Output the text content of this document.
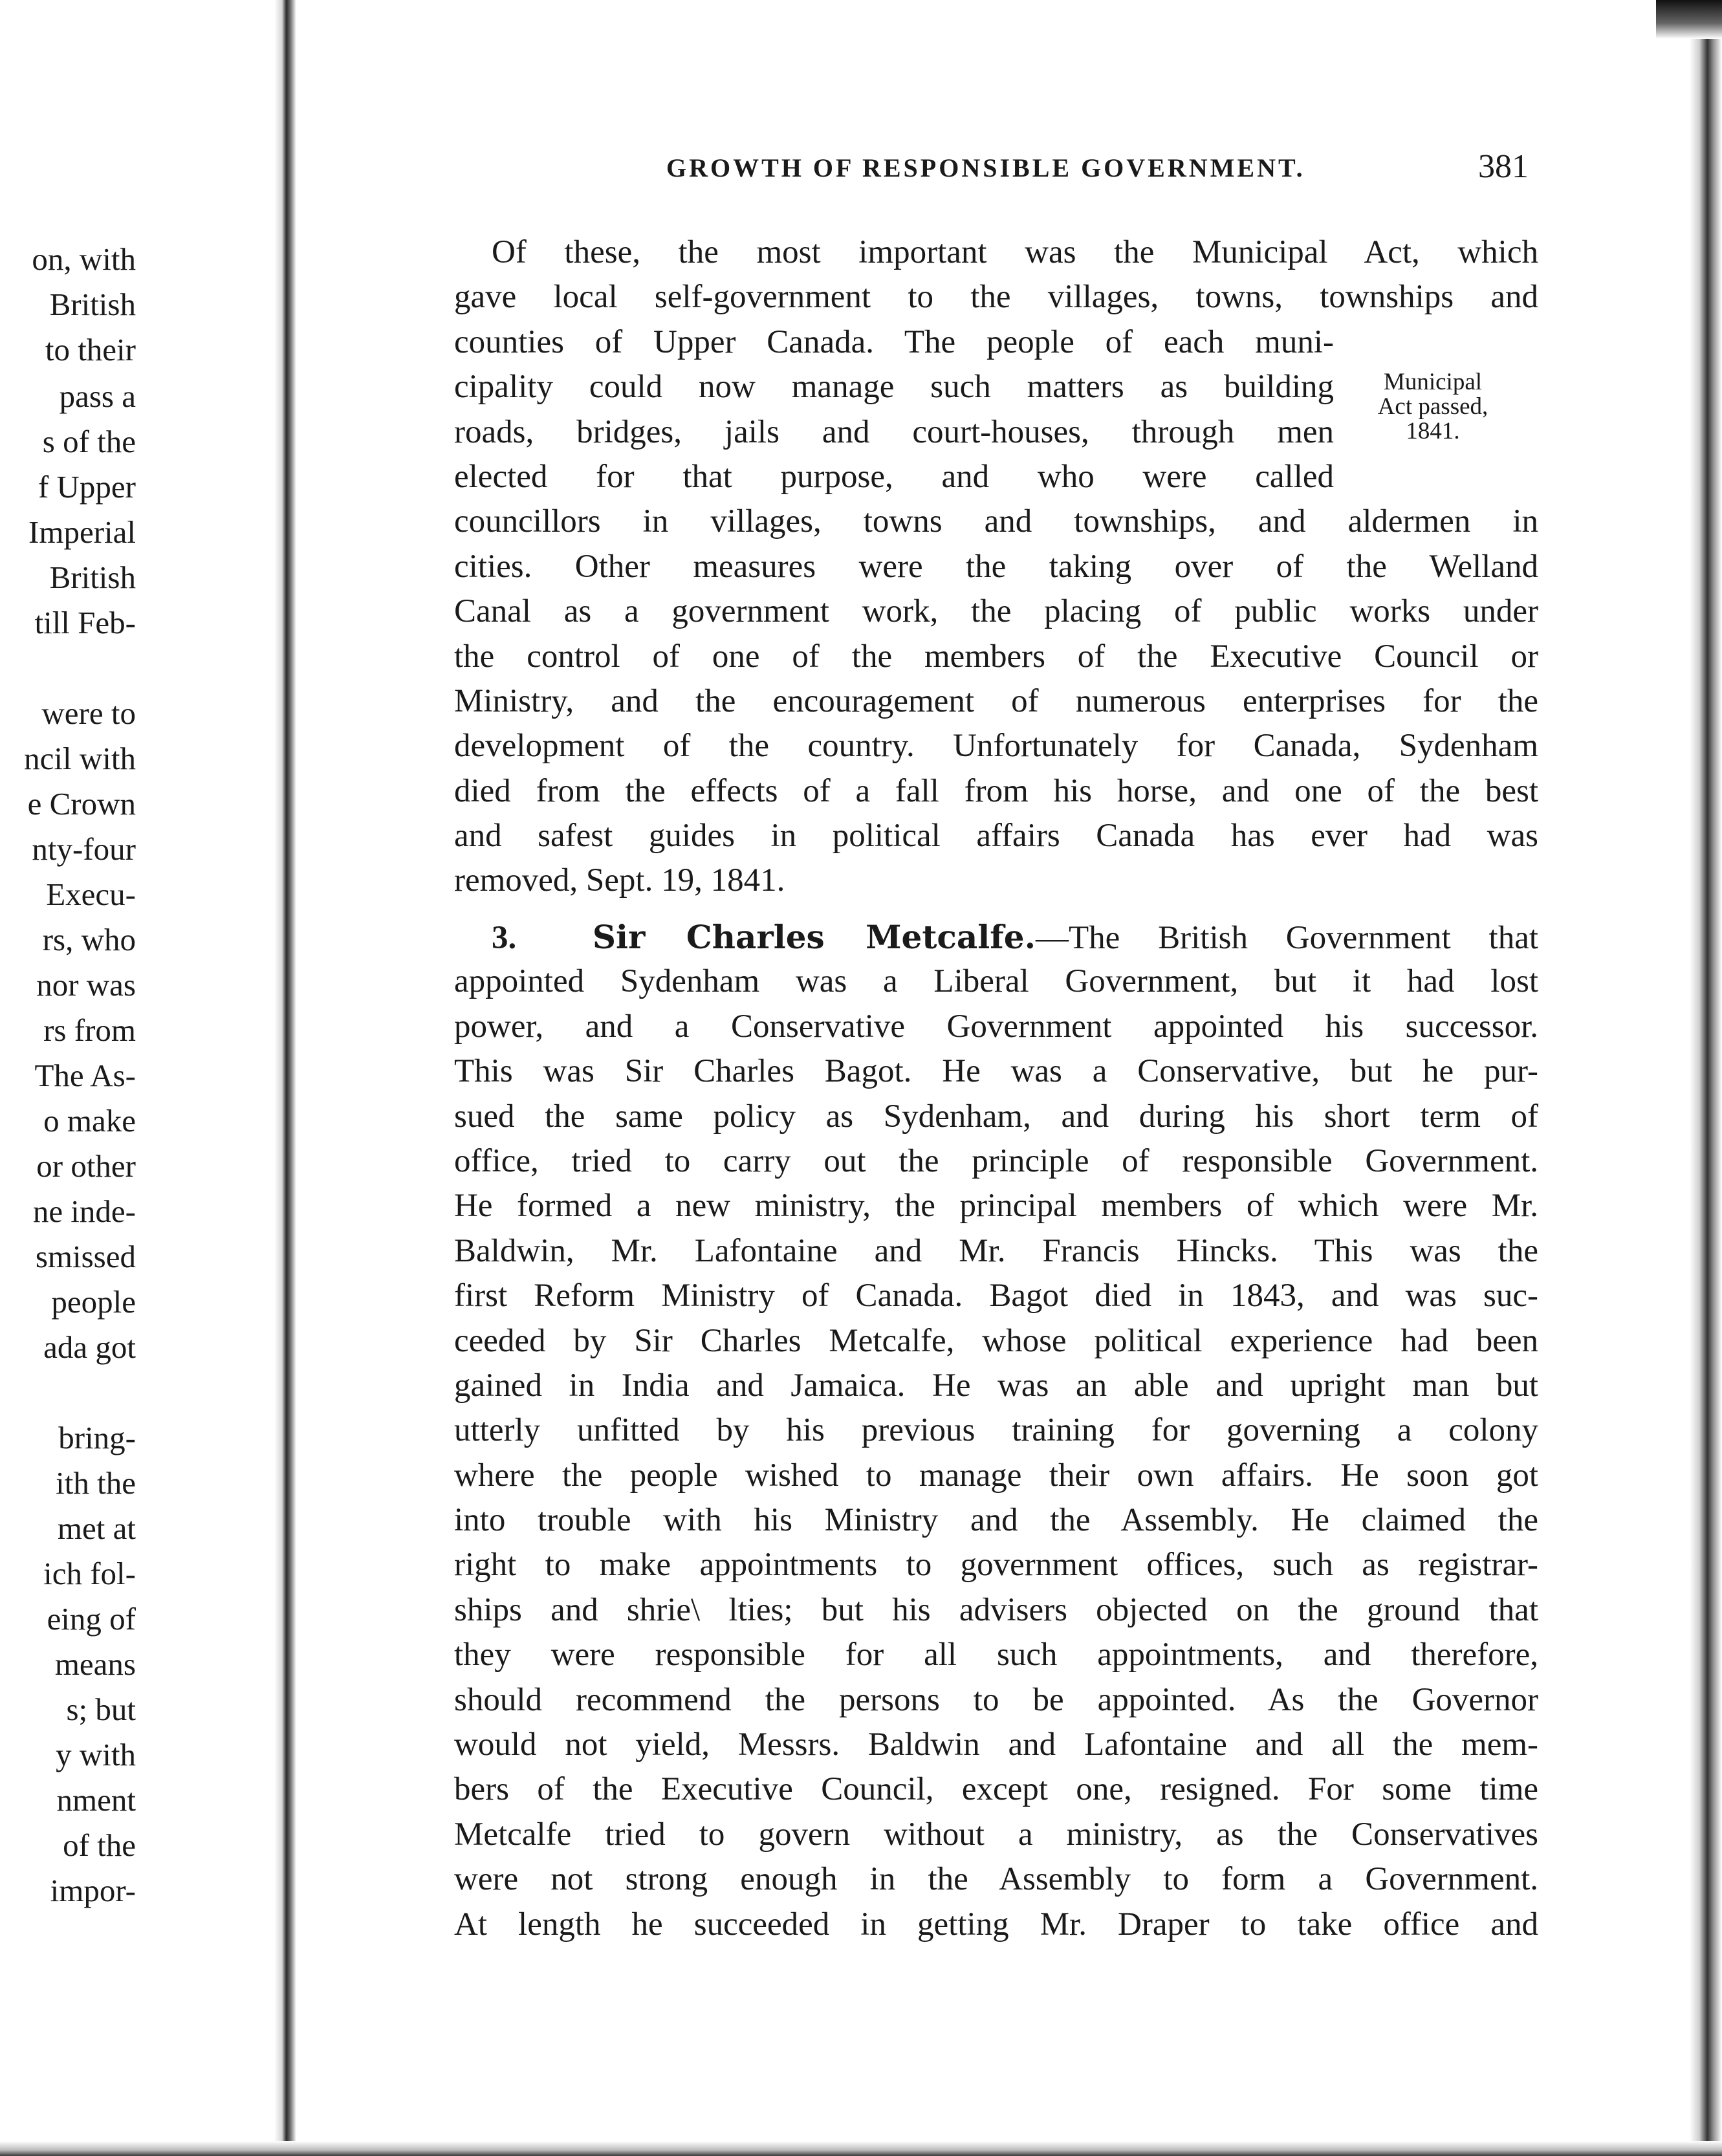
on, with
British
to their
pass a
s of the
f Upper
Imperial
British
till Feb-
were to
ncil with
e Crown
nty-four
Execu-
rs, who
nor was
rs from
The As-
o make
or other
ne inde-
smissed
people
ada got
bring-
ith the
met at
ich fol-
eing of
means
s; but
y with
nment
of the
impor-
GROWTH OF RESPONSIBLE GOVERNMENT.	381
Municipal
Act passed,
1841.
Of these, the most important was the Municipal Act, which
gave local self-government to the villages, towns, townships and
counties of Upper Canada. The people of each muni-
cipality could now manage such matters as building
roads, bridges, jails and court-houses, through men
elected for that purpose, and who were called
councillors in villages, towns and townships, and aldermen in
cities. Other measures were the taking over of the Welland
Canal as a government work, the placing of public works under
the control of one of the members of the Executive Council or
Ministry, and the encouragement of numerous enterprises for the
development of the country. Unfortunately for Canada, Sydenham
died from the effects of a fall from his horse, and one of the best
and safest guides in political affairs Canada has ever had was
removed, Sept. 19, 1841.
3. Sir Charles Metcalfe.—The British Government that
appointed Sydenham was a Liberal Government, but it had lost
power, and a Conservative Government appointed his successor.
This was Sir Charles Bagot. He was a Conservative, but he pur-
sued the same policy as Sydenham, and during his short term of
office, tried to carry out the principle of responsible Government.
He formed a new ministry, the principal members of which were Mr.
Baldwin, Mr. Lafontaine and Mr. Francis Hincks. This was the
first Reform Ministry of Canada. Bagot died in 1843, and was suc-
ceeded by Sir Charles Metcalfe, whose political experience had been
gained in India and Jamaica. He was an able and upright man but
utterly unfitted by his previous training for governing a colony
where the people wished to manage their own affairs. He soon got
into trouble with his Ministry and the Assembly. He claimed the
right to make appointments to government offices, such as registrar-
ships and shrie\ lties; but his advisers objected on the ground that
they were responsible for all such appointments, and therefore,
should recommend the persons to be appointed. As the Governor
would not yield, Messrs. Baldwin and Lafontaine and all the mem-
bers of the Executive Council, except one, resigned. For some time
Metcalfe tried to govern without a ministry, as the Conservatives
were not strong enough in the Assembly to form a Government.
At length he succeeded in getting Mr. Draper to take office and
